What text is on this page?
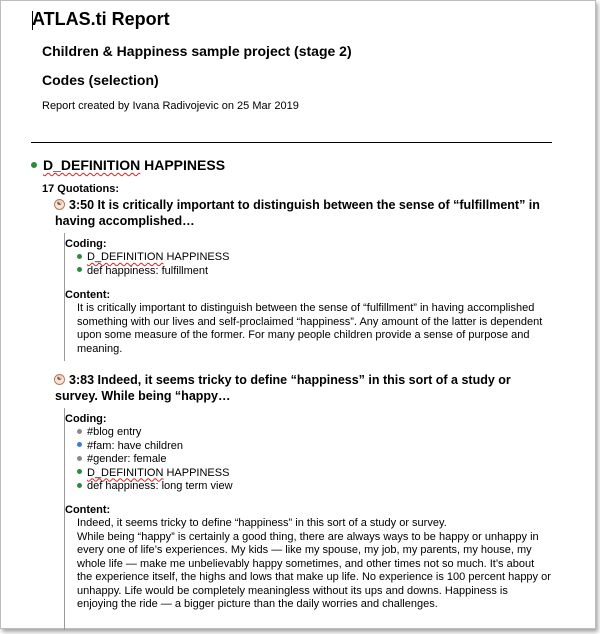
ATLAS.ti Report
Children & Happiness sample project (stage 2)
Codes (selection)
Report created by Ivana Radivojevic on 25 Mar 2019
D_DEFINITION HAPPINESS
17 Quotations:
☯ 3:50 It is critically important to distinguish between the sense of “fulfillment” in having accomplished…
Coding:
D_DEFINITION HAPPINESS
def happiness: fulfillment
Content:
It is critically important to distinguish between the sense of “fulfillment” in having accomplished something with our lives and self-proclaimed “happiness”. Any amount of the latter is dependent upon some measure of the former. For many people children provide a sense of purpose and meaning.
☯ 3:83 Indeed, it seems tricky to define “happiness” in this sort of a study or survey. While being “happy…
Coding:
#blog entry
#fam: have children
#gender: female
D_DEFINITION HAPPINESS
def happiness: long term view
Content:
Indeed, it seems tricky to define “happiness” in this sort of a study or survey.
While being “happy” is certainly a good thing, there are always ways to be happy or unhappy in every one of life’s experiences. My kids — like my spouse, my job, my parents, my house, my whole life — make me unbelievably happy sometimes, and other times not so much. It’s about the experience itself, the highs and lows that make up life. No experience is 100 percent happy or unhappy. Life would be completely meaningless without its ups and downs. Happiness is enjoying the ride — a bigger picture than the daily worries and challenges.
